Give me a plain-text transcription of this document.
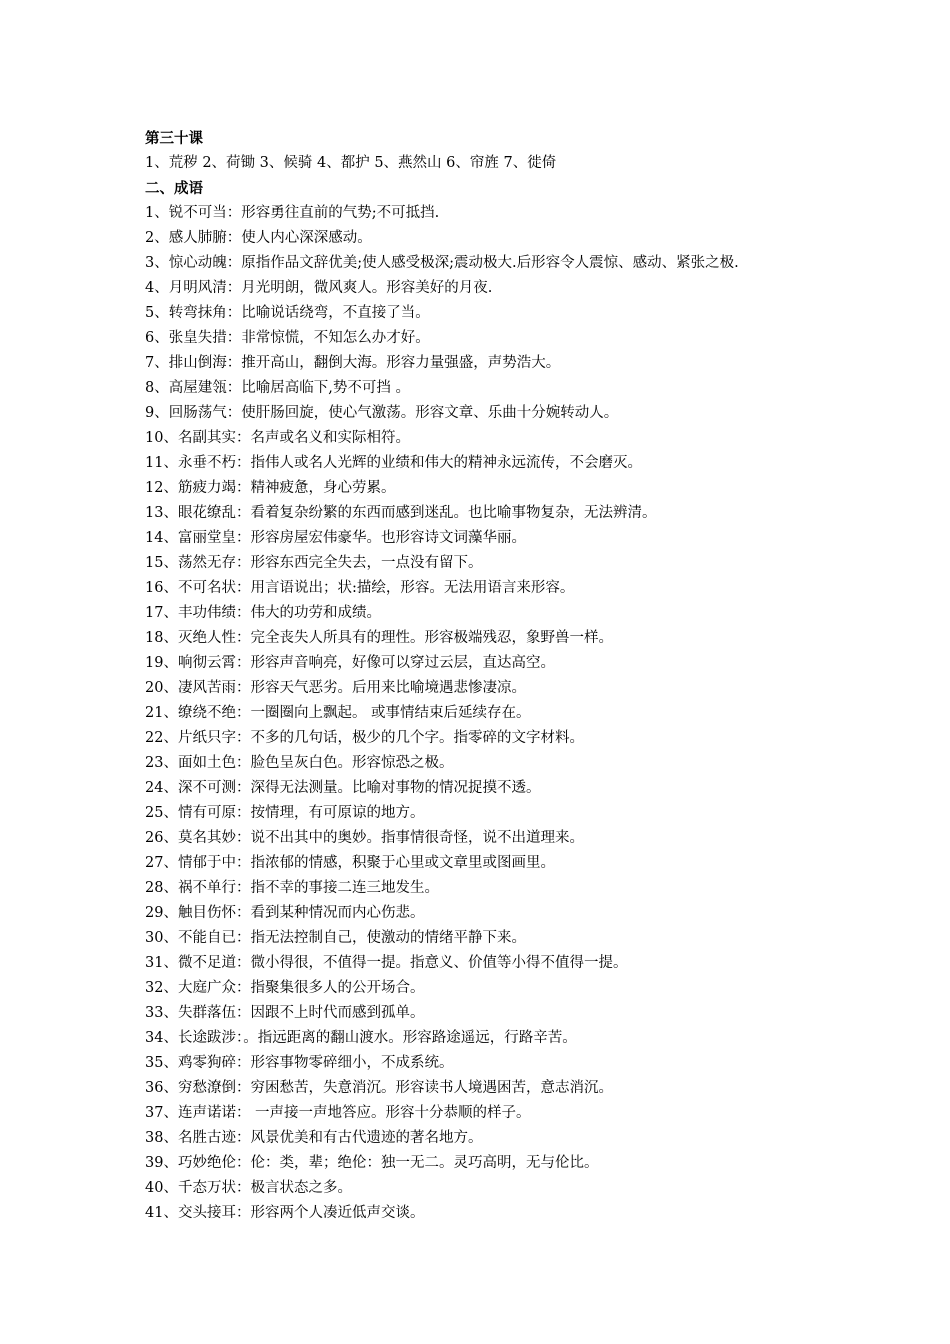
第三十课
1、荒秽 2、荷锄 3、候骑 4、都护 5、燕然山 6、帘旌 7、徙倚
二、成语
1、锐不可当：形容勇往直前的气势;不可抵挡.
2、感人肺腑：使人内心深深感动。
3、惊心动魄：原指作品文辞优美;使人感受极深;震动极大.后形容令人震惊、感动、紧张之极.
4、月明风清：月光明朗，微风爽人。形容美好的月夜.
5、转弯抹角：比喻说话绕弯，不直接了当。
6、张皇失措：非常惊慌，不知怎么办才好。
7、排山倒海：推开高山，翻倒大海。形容力量强盛，声势浩大。
8、高屋建瓴：比喻居高临下,势不可挡 。
9、回肠荡气：使肝肠回旋，使心气激荡。形容文章、乐曲十分婉转动人。
10、名副其实：名声或名义和实际相符。
11、永垂不朽：指伟人或名人光辉的业绩和伟大的精神永远流传，不会磨灭。
12、筋疲力竭：精神疲惫，身心劳累。
13、眼花缭乱：看着复杂纷繁的东西而感到迷乱。也比喻事物复杂，无法辨清。
14、富丽堂皇：形容房屋宏伟豪华。也形容诗文词藻华丽。
15、荡然无存：形容东西完全失去，一点没有留下。
16、不可名状：用言语说出；状:描绘，形容。无法用语言来形容。
17、丰功伟绩：伟大的功劳和成绩。
18、灭绝人性：完全丧失人所具有的理性。形容极端残忍，象野兽一样。
19、响彻云霄：形容声音响亮，好像可以穿过云层，直达高空。
20、凄风苦雨：形容天气恶劣。后用来比喻境遇悲惨凄凉。
21、缭绕不绝：一圈圈向上飘起。 或事情结束后延续存在。
22、片纸只字：不多的几句话，极少的几个字。指零碎的文字材料。
23、面如土色：脸色呈灰白色。形容惊恐之极。
24、深不可测：深得无法测量。比喻对事物的情况捉摸不透。
25、情有可原：按情理，有可原谅的地方。
26、莫名其妙：说不出其中的奥妙。指事情很奇怪，说不出道理来。
27、情郁于中：指浓郁的情感，积聚于心里或文章里或图画里。
28、祸不单行：指不幸的事接二连三地发生。
29、触目伤怀：看到某种情况而内心伤悲。
30、不能自已：指无法控制自己，使激动的情绪平静下来。
31、微不足道：微小得很，不值得一提。指意义、价值等小得不值得一提。
32、大庭广众：指聚集很多人的公开场合。
33、失群落伍：因跟不上时代而感到孤单。
34、长途跋涉：。指远距离的翻山渡水。形容路途遥远，行路辛苦。
35、鸡零狗碎：形容事物零碎细小，不成系统。
36、穷愁潦倒：穷困愁苦，失意消沉。形容读书人境遇困苦，意志消沉。
37、连声诺诺： 一声接一声地答应。形容十分恭顺的样子。
38、名胜古迹：风景优美和有古代遗迹的著名地方。
39、巧妙绝伦：伦：类，辈；绝伦：独一无二。灵巧高明，无与伦比。
40、千态万状：极言状态之多。
41、交头接耳：形容两个人凑近低声交谈。
